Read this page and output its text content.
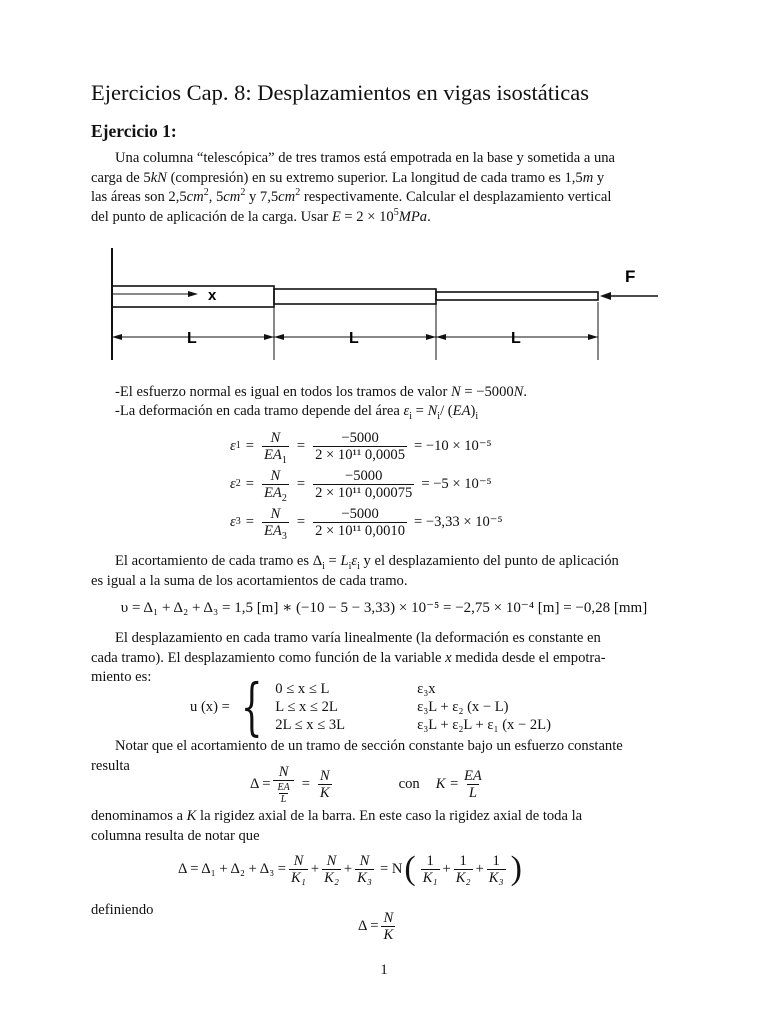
Ejercicios Cap. 8: Desplazamientos en vigas isostáticas
Ejercicio 1:
Una columna “telescópica” de tres tramos está empotrada en la base y sometida a una
carga de 5kN (compresión) en su extremo superior. La longitud de cada tramo es 1,5m y
las áreas son $2,5cm^2$, $5cm^2$ y $7,5cm^2$ respectivamente. Calcular el desplazamiento vertical
del punto de aplicación de la carga. Usar $E = 2 \times 10^5MPa$.
F
x
L	L	L
-El esfuerzo normal es igual en todos los tramos de valor N = −5000N.
-La deformación en cada tramo depende del área $\varepsilon_i = N_i/$ $(EA)_i$
ε $1 = \frac{N}{EA_1} = \frac{-5000}{\text{2 × 10¹¹ 0,0005}} = -10 \times 10^{-5}$
ε $2 = \frac{N}{EA_2} = \frac{-5000}{\text{2 × 10¹¹ 0,00075}} = -5 \times 10^{-5}$
ε $3 = \frac{N}{EA_3} = \frac{-5000}{\text{2 × 10¹¹ 0,0010}} = -3,33 \times 10^{-5}$
El acortamiento de cada tramo es $\Delta_i = L_i\varepsilon_i$ y el desplazamiento del punto de aplicación
es igual a la suma de los acortamientos de cada tramo.
υ = Δ₁ + Δ₂ + Δ₃ = 1,5 [m] ∗ (−10 − 5 − 3,33) × 10⁻⁵ = −2,75 × 10⁻⁴ [m] = −0,28 [mm]
El desplazamiento en cada tramo varía linealmente (la deformación es constante en
cada tramo). El desplazamiento como función de la variable x medida desde el empotra-
miento es:
u (x) = { 0 ≤ x ≤ L	ε₃x
L ≤ x ≤ 2L	ε₃L + ε₂ (x − L)
2L ≤ x ≤ 3L	ε₃L + ε₂L + ε₁ (x − 2L)
Notar que el acortamiento de un tramo de sección constante bajo un esfuerzo constante
resulta
$\Delta = \frac{N}{\frac{EA}{L}} = \frac{N}{K}$	con $K = \frac{EA}{L}$
denominamos a K la rigidez axial de la barra. En este caso la rigidez axial de toda la
columna resulta de notar que
$\Delta = \Delta_1 + \Delta_2 + \Delta_3 = \frac{N}{\text{K₁}} + \frac{N}{\text{K₂}} + \frac{N}{\text{K₃}} = N$ ( $\frac{1}{\text{K₁}} + \frac{1}{\text{K₂}} + \frac{1}{\text{K₃}}$ )
definiendo
$\Delta = \frac{N}{K}$
1
